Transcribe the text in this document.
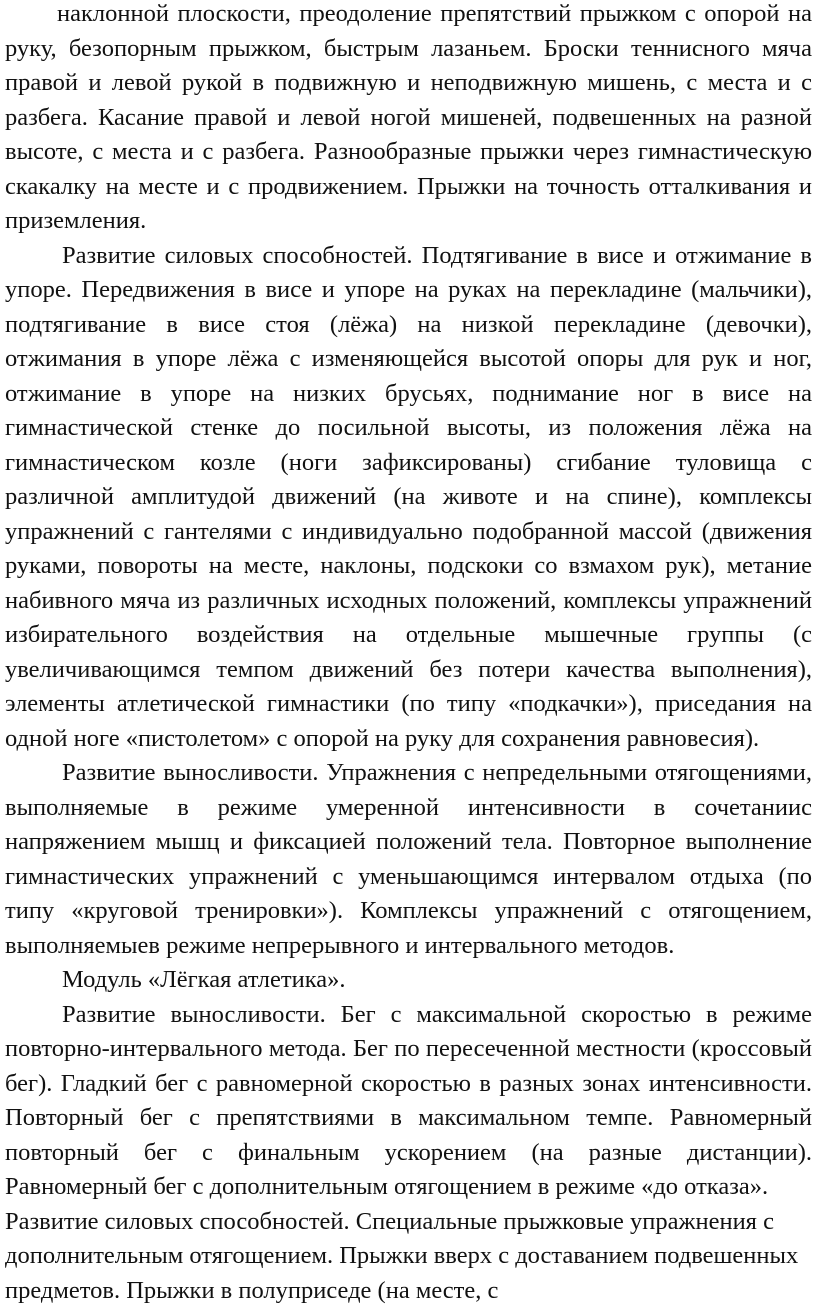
наклонной плоскости, преодоление препятствий прыжком с опорой на руку, безопорным прыжком, быстрым лазаньем. Броски теннисного мяча правой и левой рукой в подвижную и неподвижную мишень, с места и с разбега. Касание правой и левой ногой мишеней, подвешенных на разной высоте, с места и с разбега. Разнообразные прыжки через гимнастическую скакалку на месте и с продвижением. Прыжки на точность отталкивания и приземления.

Развитие силовых способностей. Подтягивание в висе и отжимание в упоре. Передвижения в висе и упоре на руках на перекладине (мальчики), подтягивание в висе стоя (лёжа) на низкой перекладине (девочки), отжимания в упоре лёжа с изменяющейся высотой опоры для рук и ног, отжимание в упоре на низких брусьях, поднимание ног в висе на гимнастической стенке до посильной высоты, из положения лёжа на гимнастическом козле (ноги зафиксированы) сгибание туловища с различной амплитудой движений (на животе и на спине), комплексы упражнений с гантелями с индивидуально подобранной массой (движения руками, повороты на месте, наклоны, подскоки со взмахом рук), метание набивного мяча из различных исходных положений, комплексы упражнений избирательного воздействия на отдельные мышечные группы (с увеличивающимся темпом движений без потери качества выполнения), элементы атлетической гимнастики (по типу «подкачки»), приседания на одной ноге «пистолетом» с опорой на руку для сохранения равновесия).

Развитие выносливости. Упражнения с непредельными отягощениями, выполняемые в режиме умеренной интенсивности в сочетаниис напряжением мышц и фиксацией положений тела. Повторное выполнение гимнастических упражнений с уменьшающимся интервалом отдыха (по типу «круговой тренировки»). Комплексы упражнений с отягощением, выполняемыев режиме непрерывного и интервального методов.

Модуль «Лёгкая атлетика».

Развитие выносливости. Бег с максимальной скоростью в режиме повторно-интервального метода. Бег по пересеченной местности (кроссовый бег). Гладкий бег с равномерной скоростью в разных зонах интенсивности. Повторный бег с препятствиями в максимальном темпе. Равномерный повторный бег с финальным ускорением (на разные дистанции). Равномерный бег с дополнительным отягощением в режиме «до отказа».

Развитие силовых способностей. Специальные прыжковые упражнения с дополнительным отягощением. Прыжки вверх с доставанием подвешенных предметов. Прыжки в полуприседе (на месте, с
